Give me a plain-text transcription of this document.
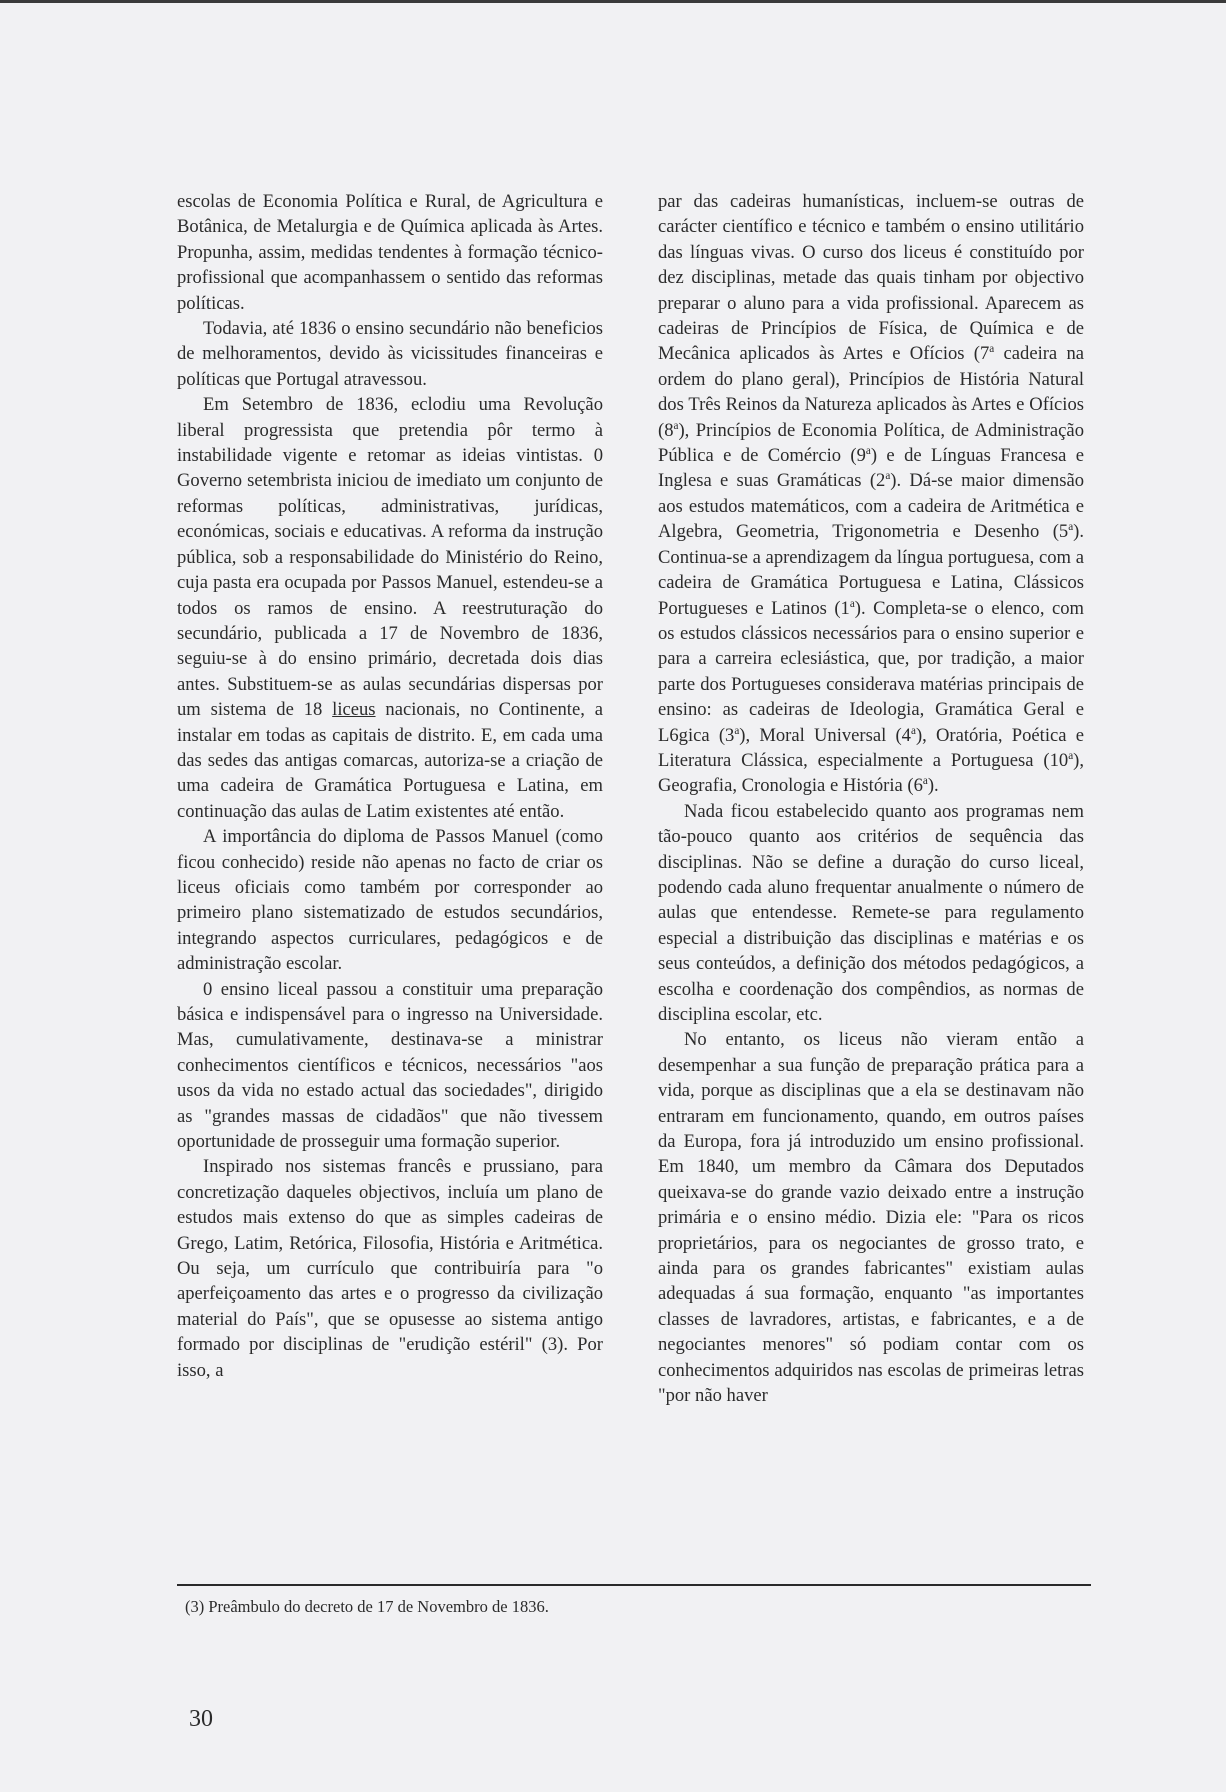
escolas de Economia Política e Rural, de Agricultura e Botânica, de Metalurgia e de Química aplicada às Artes. Propunha, assim, medidas tendentes à formação técnico-profissional que acompanhassem o sentido das reformas políticas.

Todavia, até 1836 o ensino secundário não beneficios de melhoramentos, devido às vicissitudes financeiras e políticas que Portugal atravessou.

Em Setembro de 1836, eclodiu uma Revolução liberal progressista que pretendia pôr termo à instabilidade vigente e retomar as ideias vintistas. 0 Governo setembrista iniciou de imediato um conjunto de reformas políticas, administrativas, jurídicas, económicas, sociais e educativas. A reforma da instrução pública, sob a responsabilidade do Ministério do Reino, cuja pasta era ocupada por Passos Manuel, estendeu-se a todos os ramos de ensino. A reestruturação do secundário, publicada a 17 de Novembro de 1836, seguiu-se à do ensino primário, decretada dois dias antes. Substituem-se as aulas secundárias dispersas por um sistema de 18 liceus nacionais, no Continente, a instalar em todas as capitais de distrito. E, em cada uma das sedes das antigas comarcas, autoriza-se a criação de uma cadeira de Gramática Portuguesa e Latina, em continuação das aulas de Latim existentes até então.

A importância do diploma de Passos Manuel (como ficou conhecido) reside não apenas no facto de criar os liceus oficiais como também por corresponder ao primeiro plano sistematizado de estudos secundários, integrando aspectos curriculares, pedagógicos e de administração escolar.

0 ensino liceal passou a constituir uma preparação básica e indispensável para o ingresso na Universidade. Mas, cumulativamente, destinava-se a ministrar conhecimentos científicos e técnicos, necessários "aos usos da vida no estado actual das sociedades", dirigido as "grandes massas de cidadãos" que não tivessem oportunidade de prosseguir uma formação superior.

Inspirado nos sistemas francês e prussiano, para concretização daqueles objectivos, incluía um plano de estudos mais extenso do que as simples cadeiras de Grego, Latim, Retórica, Filosofia, História e Aritmética. Ou seja, um currículo que contribuiría para "o aperfeiçoamento das artes e o progresso da civilização material do País", que se opusesse ao sistema antigo formado por disciplinas de "erudição estéril" (3). Por isso, a

par das cadeiras humanísticas, incluem-se outras de carácter científico e técnico e também o ensino utilitário das línguas vivas. O curso dos liceus é constituído por dez disciplinas, metade das quais tinham por objectivo preparar o aluno para a vida profissional. Aparecem as cadeiras de Princípios de Física, de Química e de Mecânica aplicados às Artes e Ofícios (7$^a$ cadeira na ordem do plano geral), Princípios de História Natural dos Três Reinos da Natureza aplicados às Artes e Ofícios (8$^a$), Princípios de Economia Política, de Administração Pública e de Comércio (9$^a$) e de Línguas Francesa e Inglesa e suas Gramáticas (2$^a$). Dá-se maior dimensão aos estudos matemáticos, com a cadeira de Aritmética e Algebra, Geometria, Trigonometria e Desenho (5$^a$). Continua-se a aprendizagem da língua portuguesa, com a cadeira de Gramática Portuguesa e Latina, Clássicos Portugueses e Latinos (1$^a$). Completa-se o elenco, com os estudos clássicos necessários para o ensino superior e para a carreira eclesiástica, que, por tradição, a maior parte dos Portugueses considerava matérias principais de ensino: as cadeiras de Ideologia, Gramática Geral e L6gica (3$^a$), Moral Universal (4$^a$), Oratória, Poética e Literatura Clássica, especialmente a Portuguesa (10$^a$), Geografia, Cronologia e História (6$^a$).

Nada ficou estabelecido quanto aos programas nem tão-pouco quanto aos critérios de sequência das disciplinas. Não se define a duração do curso liceal, podendo cada aluno frequentar anualmente o número de aulas que entendesse. Remete-se para regulamento especial a distribuição das disciplinas e matérias e os seus conteúdos, a definição dos métodos pedagógicos, a escolha e coordenação dos compêndios, as normas de disciplina escolar, etc.

No entanto, os liceus não vieram então a desempenhar a sua função de preparação prática para a vida, porque as disciplinas que a ela se destinavam não entraram em funcionamento, quando, em outros países da Europa, fora já introduzido um ensino profissional. Em 1840, um membro da Câmara dos Deputados queixava-se do grande vazio deixado entre a instrução primária e o ensino médio. Dizia ele: "Para os ricos proprietários, para os negociantes de grosso trato, e ainda para os grandes fabricantes" existiam aulas adequadas á sua formação, enquanto "as importantes classes de lavradores, artistas, e fabricantes, e a de negociantes menores" só podiam contar com os conhecimentos adquiridos nas escolas de primeiras letras "por não haver

(3) Preâmbulo do decreto de 17 de Novembro de 1836.
30
